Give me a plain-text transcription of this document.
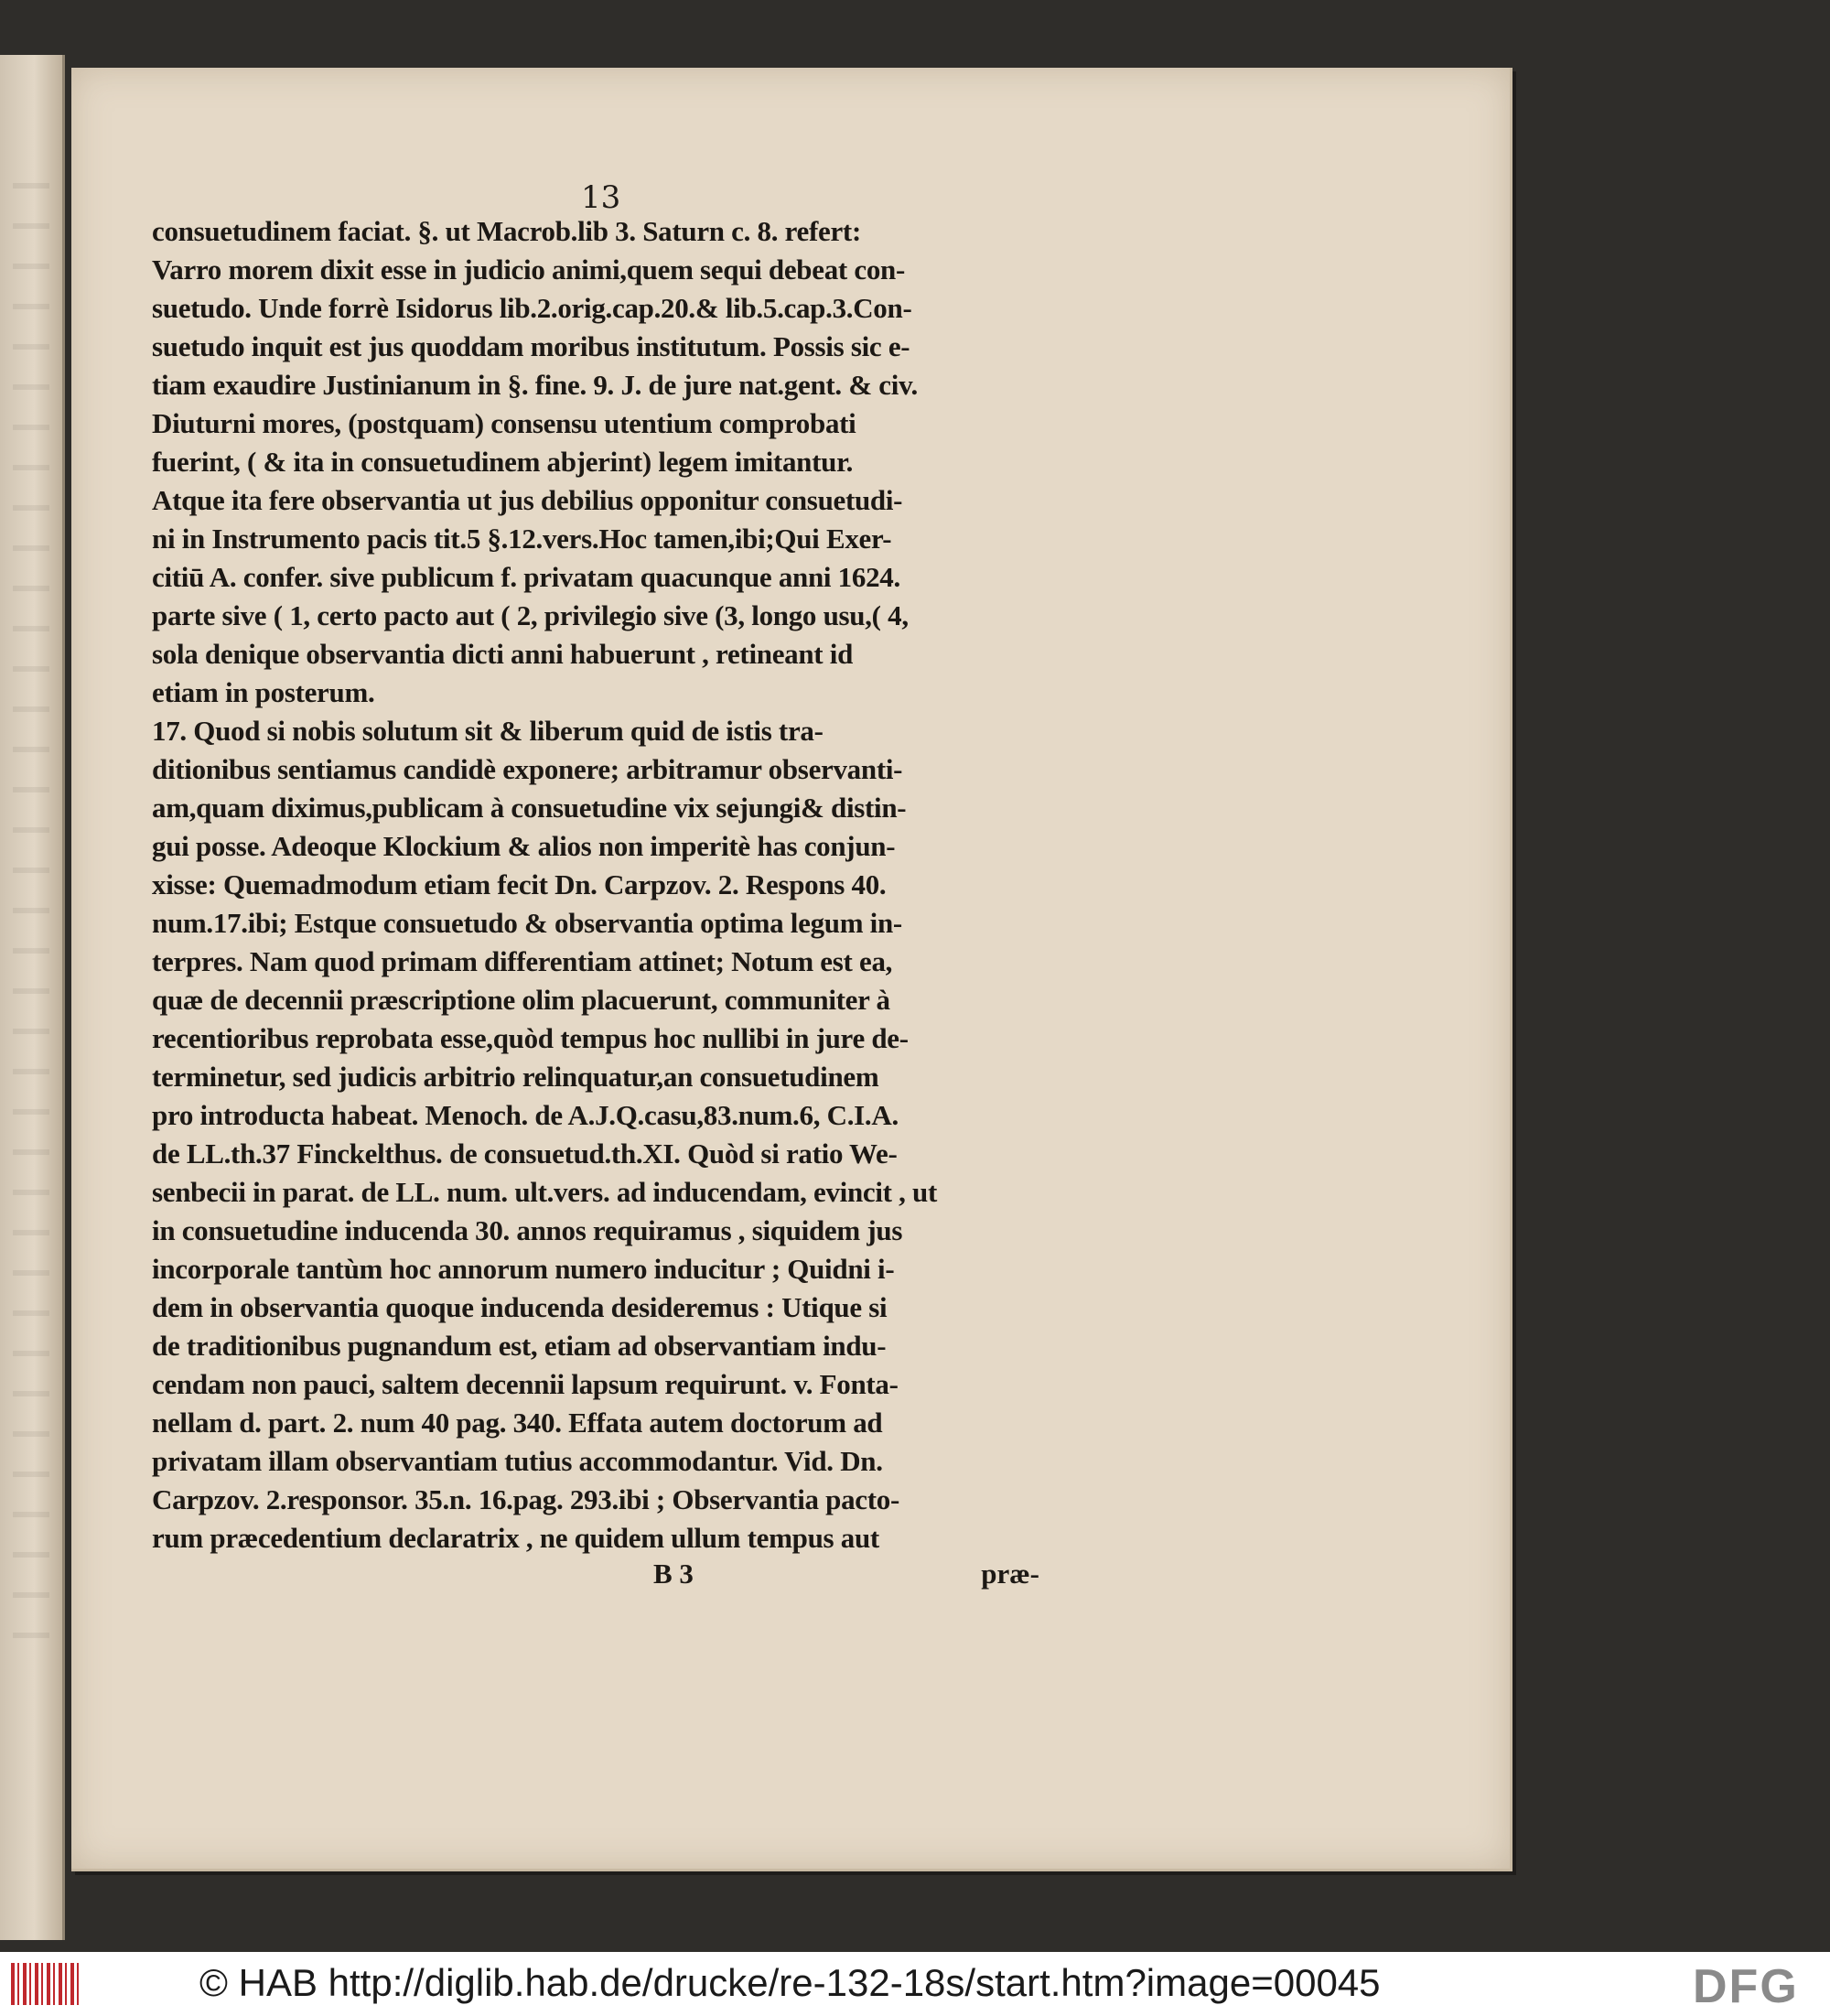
13
consuetudinem faciat. §. ut Macrob.lib 3. Saturn c. 8. refert:
Varro morem dixit esse in judicio animi,quem sequi debeat con-
suetudo. Unde forrè Isidorus lib.2.orig.cap.20.& lib.5.cap.3.Con-
suetudo inquit est jus quoddam moribus institutum. Possis sic e-
tiam exaudire Justinianum in §. fine. 9. J. de jure nat.gent. & civ.
Diuturni mores, (postquam) consensu utentium comprobati
fuerint, ( & ita in consuetudinem abjerint) legem imitantur.
Atque ita fere observantia ut jus debilius opponitur consuetudi-
ni in Instrumento pacis tit.5 §.12.vers.Hoc tamen,ibi;Qui Exer-
citiū A. confer. sive publicum f. privatam quacunque anni 1624.
parte sive ( 1, certo pacto aut ( 2, privilegio sive (3, longo usu,( 4,
sola denique observantia dicti anni habuerunt , retineant id
etiam in posterum.
17. Quod si nobis solutum sit & liberum quid de istis tra-
ditionibus sentiamus candidè exponere; arbitramur observanti-
am,quam diximus,publicam à consuetudine vix sejungi& distin-
gui posse. Adeoque Klockium & alios non imperitè has conjun-
xisse: Quemadmodum etiam fecit Dn. Carpzov. 2. Respons 40.
num.17.ibi; Estque consuetudo & observantia optima legum in-
terpres. Nam quod primam differentiam attinet; Notum est ea,
quæ de decennii præscriptione olim placuerunt, communiter à
recentioribus reprobata esse,quòd tempus hoc nullibi in jure de-
terminetur, sed judicis arbitrio relinquatur,an consuetudinem
pro introducta habeat. Menoch. de A.J.Q.casu,83.num.6, C.I.A.
de LL.th.37 Finckelthus. de consuetud.th.XI. Quòd si ratio We-
senbecii in parat. de LL. num. ult.vers. ad inducendam, evincit , ut
in consuetudine inducenda 30. annos requiramus , siquidem jus
incorporale tantùm hoc annorum numero inducitur ; Quidni i-
dem in observantia quoque inducenda desideremus : Utique si
de traditionibus pugnandum est, etiam ad observantiam indu-
cendam non pauci, saltem decennii lapsum requirunt. v. Fonta-
nellam d. part. 2. num 40 pag. 340. Effata autem doctorum ad
privatam illam observantiam tutius accommodantur. Vid. Dn.
Carpzov. 2.responsor. 35.n. 16.pag. 293.ibi ; Observantia pacto-
rum præcedentium declaratrix , ne quidem ullum tempus aut
B 3	præ-
© HAB http://diglib.hab.de/drucke/re-132-18s/start.htm?image=00045	DFG
